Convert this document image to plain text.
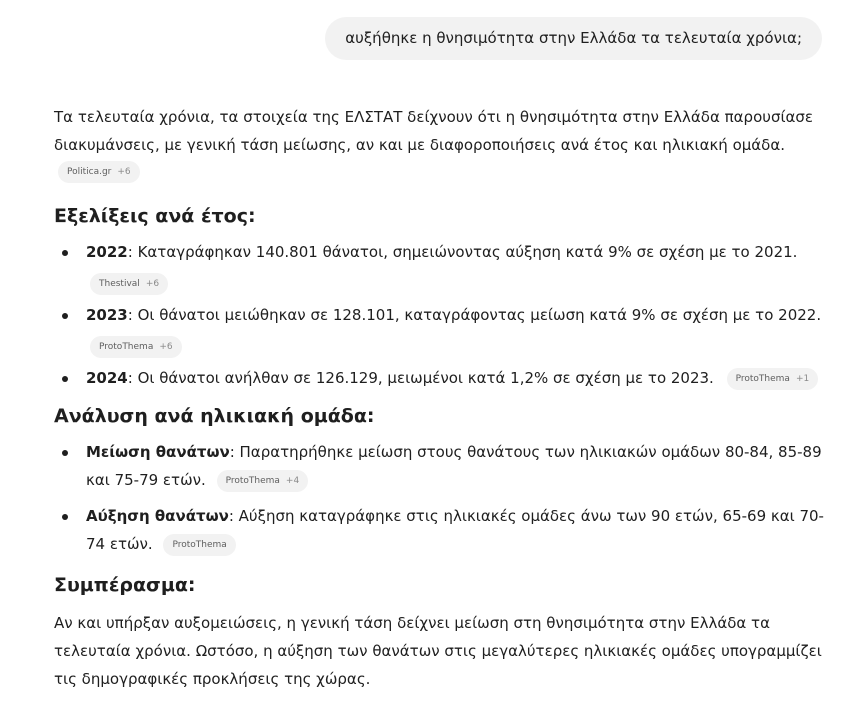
αυξήθηκε η θνησιμότητα στην Ελλάδα τα τελευταία χρόνια;

Τα τελευταία χρόνια, τα στοιχεία της ΕΛΣΤΑΤ δείχνουν ότι η θνησιμότητα στην Ελλάδα παρουσίασε διακυμάνσεις, με γενική τάση μείωσης, αν και με διαφοροποιήσεις ανά έτος και ηλικιακή ομάδα.

Politica.gr +6
Εξελίξεις ανά έτος:
2022: Καταγράφηκαν 140.801 θάνατοι, σημειώνοντας αύξηση κατά 9% σε σχέση με το 2021.
Thestival +6
2023: Οι θάνατοι μειώθηκαν σε 128.101, καταγράφοντας μείωση κατά 9% σε σχέση με το 2022.
ProtoThema +6
2024: Οι θάνατοι ανήλθαν σε 126.129, μειωμένοι κατά 1,2% σε σχέση με το 2023. ProtoThema +1
Ανάλυση ανά ηλικιακή ομάδα:
Μείωση θανάτων: Παρατηρήθηκε μείωση στους θανάτους των ηλικιακών ομάδων 80-84, 85-89 και 75-79 ετών. ProtoThema +4
Αύξηση θανάτων: Αύξηση καταγράφηκε στις ηλικιακές ομάδες άνω των 90 ετών, 65-69 και 70-74 ετών. ProtoThema
Συμπέρασμα:

Αν και υπήρξαν αυξομειώσεις, η γενική τάση δείχνει μείωση στη θνησιμότητα στην Ελλάδα τα τελευταία χρόνια. Ωστόσο, η αύξηση των θανάτων στις μεγαλύτερες ηλικιακές ομάδες υπογραμμίζει τις δημογραφικές προκλήσεις της χώρας.
